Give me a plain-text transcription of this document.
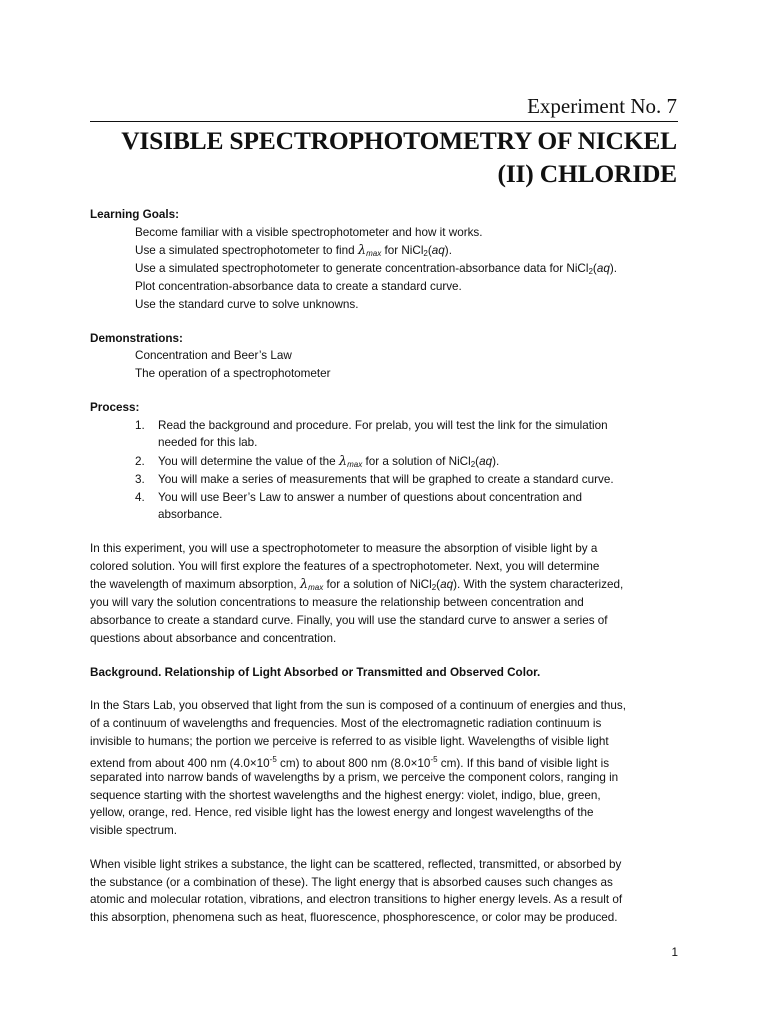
Experiment No. 7
VISIBLE SPECTROPHOTOMETRY OF NICKEL
(II) CHLORIDE

Learning Goals:

Become familiar with a visible spectrophotometer and how it works.

Use a simulated spectrophotometer to find λmax for NiCl$_2$(aq).

Use a simulated spectrophotometer to generate concentration-absorbance data for NiCl$_2$(aq).

Plot concentration-absorbance data to create a standard curve.

Use the standard curve to solve unknowns.

Demonstrations:

Concentration and Beer’s Law

The operation of a spectrophotometer

Process:

1.	Read the background and procedure. For prelab, you will test the link for the simulation
needed for this lab.
2.	You will determine the value of the λmax for a solution of NiCl$_2$(aq).
3.	You will make a series of measurements that will be graphed to create a standard curve.
4.	You will use Beer’s Law to answer a number of questions about concentration and
absorbance.

In this experiment, you will use a spectrophotometer to measure the absorption of visible light by a

colored solution. You will first explore the features of a spectrophotometer. Next, you will determine

the wavelength of maximum absorption, λmax for a solution of NiCl$_2$(aq). With the system characterized,

you will vary the solution concentrations to measure the relationship between concentration and

absorbance to create a standard curve. Finally, you will use the standard curve to answer a series of

questions about absorbance and concentration.

Background. Relationship of Light Absorbed or Transmitted and Observed Color.

In the Stars Lab, you observed that light from the sun is composed of a continuum of energies and thus,

of a continuum of wavelengths and frequencies. Most of the electromagnetic radiation continuum is

invisible to humans; the portion we perceive is referred to as visible light. Wavelengths of visible light

extend from about 400 nm ($4.0\times 10^{-5}$ cm) to about 800 nm ($8.0\times 10^{-5}$ cm). If this band of visible light is

separated into narrow bands of wavelengths by a prism, we perceive the component colors, ranging in

sequence starting with the shortest wavelengths and the highest energy: violet, indigo, blue, green,

yellow, orange, red. Hence, red visible light has the lowest energy and longest wavelengths of the

visible spectrum.

When visible light strikes a substance, the light can be scattered, reflected, transmitted, or absorbed by

the substance (or a combination of these). The light energy that is absorbed causes such changes as

atomic and molecular rotation, vibrations, and electron transitions to higher energy levels. As a result of

this absorption, phenomena such as heat, fluorescence, phosphorescence, or color may be produced.

1
